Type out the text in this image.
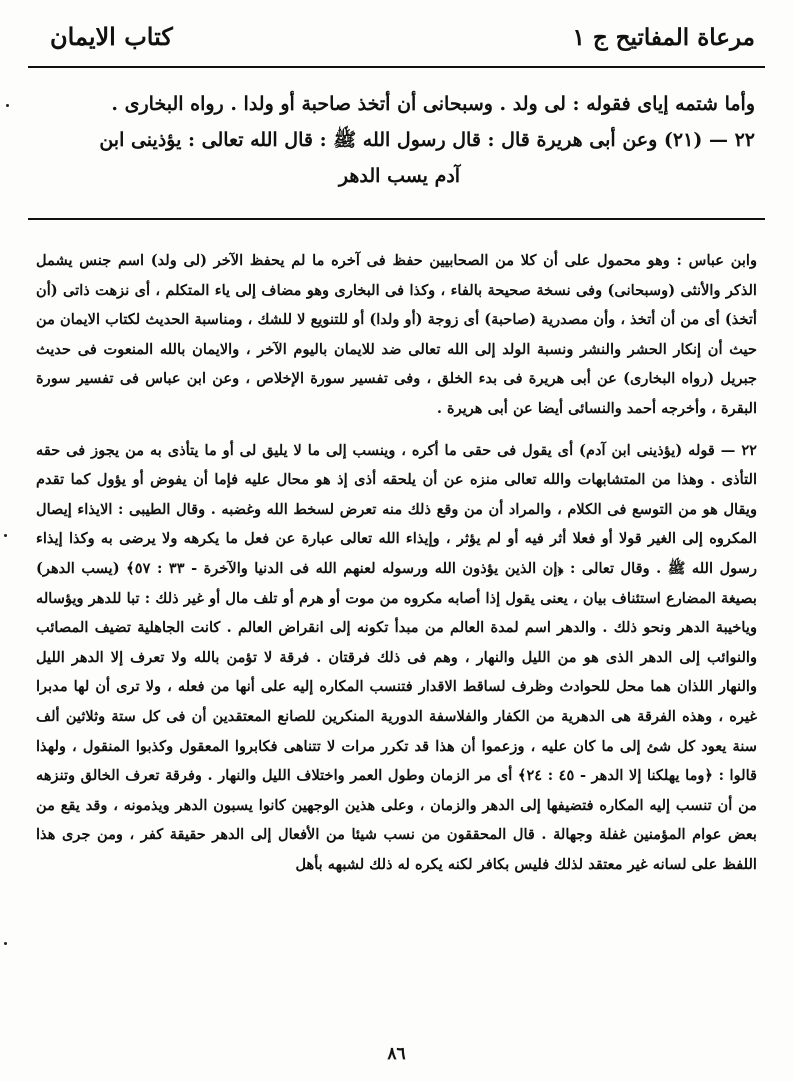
مرعاة المفاتيح ج ۱
كتاب الايمان

وأما شتمه إياى فقوله : لى ولد . وسبحانى أن أتخذ صاحبة أو ولدا . رواه البخارى .

٢٢ — (٢١) وعن أبى هريرة قال : قال رسول الله ﷺ : قال الله تعالى : يؤذينى ابن

آدم يسب الدهر

وابن عباس : وهو محمول على أن كلا من الصحابيين حفظ فى آخره ما لم يحفظ الآخر (لى ولد) اسم جنس يشمل الذكر والأنثى (وسبحانى) وفى نسخة صحيحة بالفاء ، وكذا فى البخارى وهو مضاف إلى ياء المتكلم ، أى نزهت ذاتى (أن أتخذ) أى من أن أتخذ ، وأن مصدرية (صاحبة) أى زوجة (أو ولدا) أو للتنويع لا للشك ، ومناسبة الحديث لكتاب الايمان من حيث أن إنكار الحشر والنشر ونسبة الولد إلى الله تعالى ضد للايمان باليوم الآخر ، والايمان بالله المنعوت فى حديث جبريل (رواه البخارى) عن أبى هريرة فى بدء الخلق ، وفى تفسير سورة الإخلاص ، وعن ابن عباس فى تفسير سورة البقرة ، وأخرجه أحمد والنسائى أيضا عن أبى هريرة .

٢٢ — قوله (يؤذينى ابن آدم) أى يقول فى حقى ما أكره ، وينسب إلى ما لا يليق لى أو ما يتأذى به من يجوز فى حقه التأذى . وهذا من المتشابهات والله تعالى منزه عن أن يلحقه أذى إذ هو محال عليه فإما أن يفوض أو يؤول كما تقدم ويقال هو من التوسع فى الكلام ، والمراد أن من وقع ذلك منه تعرض لسخط الله وغضبه . وقال الطيبى : الايذاء إيصال المكروه إلى الغير قولا أو فعلا أثر فيه أو لم يؤثر ، وإيذاء الله تعالى عبارة عن فعل ما يكرهه ولا يرضى به وكذا إيذاء رسول الله ﷺ . وقال تعالى : ﴿إن الذين يؤذون الله ورسوله لعنهم الله فى الدنيا والآخرة - ٣٣ : ٥٧﴾ (يسب الدهر) بصيغة المضارع استئناف بيان ، يعنى يقول إذا أصابه مكروه من موت أو هرم أو تلف مال أو غير ذلك : تبا للدهر ويؤساله وياخيبة الدهر ونحو ذلك . والدهر اسم لمدة العالم من مبدأ تكونه إلى انقراض العالم . كانت الجاهلية تضيف المصائب والنوائب إلى الدهر الذى هو من الليل والنهار ، وهم فى ذلك فرقتان . فرقة لا تؤمن بالله ولا تعرف إلا الدهر الليل والنهار اللذان هما محل للحوادث وظرف لساقط الاقدار فتنسب المكاره إليه على أنها من فعله ، ولا ترى أن لها مدبرا غيره ، وهذه الفرقة هى الدهرية من الكفار والفلاسفة الدورية المنكرين للصانع المعتقدين أن فى كل ستة وثلاثين ألف سنة يعود كل شئ إلى ما كان عليه ، وزعموا أن هذا قد تكرر مرات لا تتناهى فكابروا المعقول وكذبوا المنقول ، ولهذا قالوا : ﴿وما يهلكنا إلا الدهر - ٤٥ : ٢٤﴾ أى مر الزمان وطول العمر واختلاف الليل والنهار . وفرقة تعرف الخالق وتنزهه من أن تنسب إليه المكاره فتضيفها إلى الدهر والزمان ، وعلى هذين الوجهين كانوا يسبون الدهر ويذمونه ، وقد يقع من بعض عوام المؤمنين غفلة وجهالة . قال المحققون من نسب شيئا من الأفعال إلى الدهر حقيقة كفر ، ومن جرى هذا اللفظ على لسانه غير معتقد لذلك فليس بكافر لكنه يكره له ذلك لشبهه بأهل

٨٦
